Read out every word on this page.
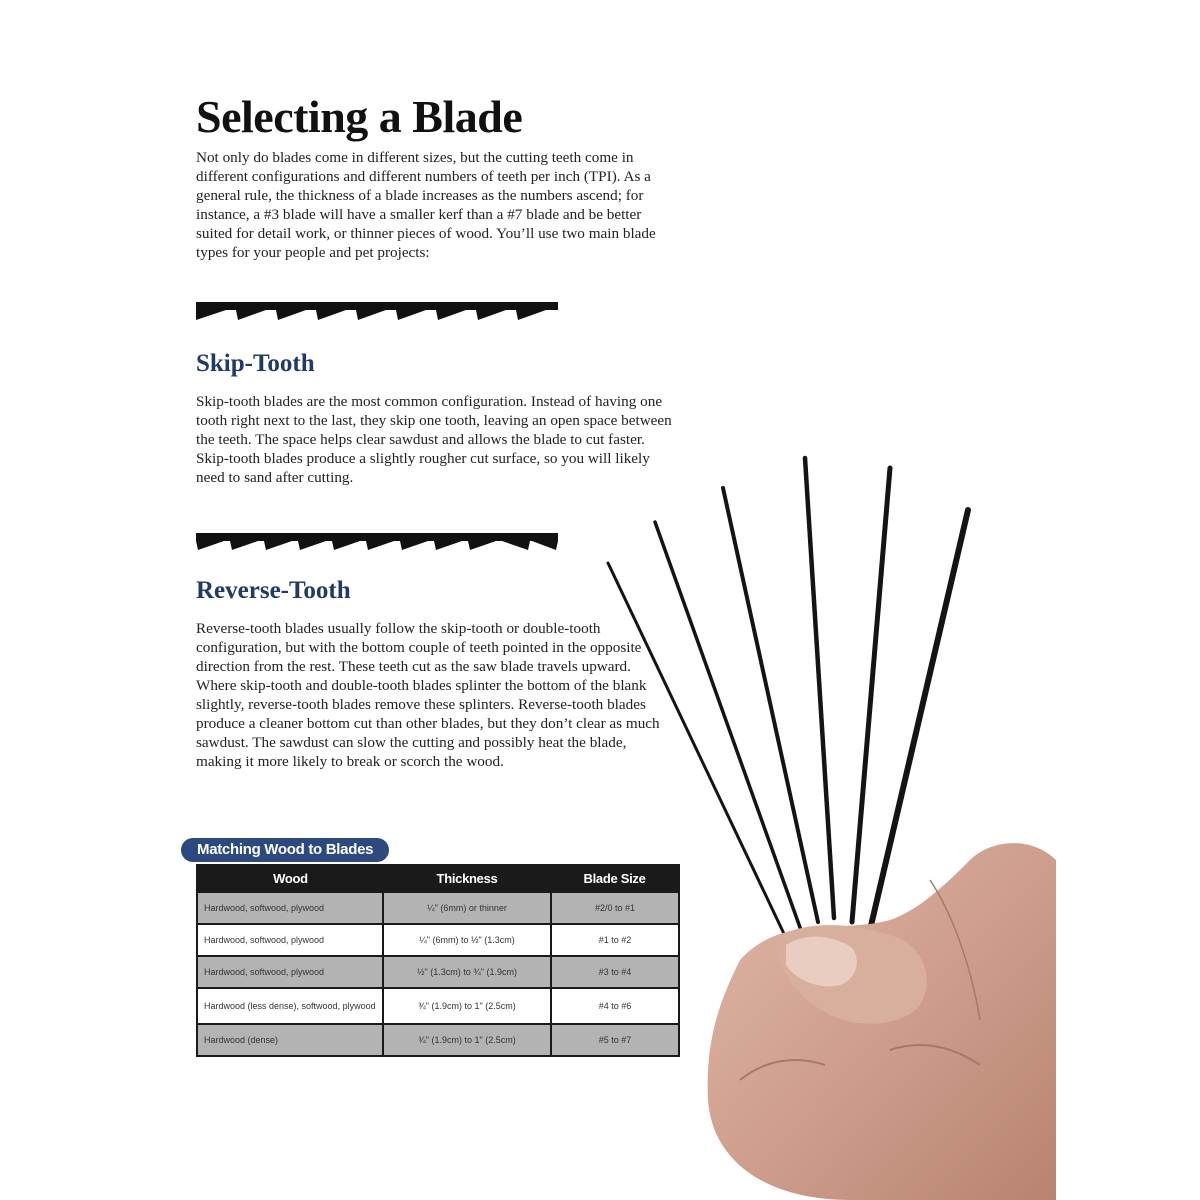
Selecting a Blade

Not only do blades come in different sizes, but the cutting teeth come in different configurations and different numbers of teeth per inch (TPI). As a general rule, the thickness of a blade increases as the numbers ascend; for instance, a #3 blade will have a smaller kerf than a #7 blade and be better suited for detail work, or thinner pieces of wood. You’ll use two main blade types for your people and pet projects:

Skip-Tooth

Skip-tooth blades are the most common configuration. Instead of having one tooth right next to the last, they skip one tooth, leaving an open space between the teeth. The space helps clear sawdust and allows the blade to cut faster. Skip-tooth blades produce a slightly rougher cut surface, so you will likely need to sand after cutting.

Reverse-Tooth

Reverse-tooth blades usually follow the skip-tooth or double-tooth configuration, but with the bottom couple of teeth pointed in the opposite direction from the rest. These teeth cut as the saw blade travels upward. Where skip-tooth and double-tooth blades splinter the bottom of the blank slightly, reverse-tooth blades remove these splinters. Reverse-tooth blades produce a cleaner bottom cut than other blades, but they don’t clear as much sawdust. The sawdust can slow the cutting and possibly heat the blade, making it more likely to break or scorch the wood.

Matching Wood to Blades
Wood	Thickness	Blade Size
Hardwood, softwood, plywood	¼" (6mm) or thinner	#2/0 to #1
Hardwood, softwood, plywood	¼" (6mm) to ½" (1.3cm)	#1 to #2
Hardwood, softwood, plywood	½" (1.3cm) to ¾" (1.9cm)	#3 to #4
Hardwood (less dense), softwood, plywood	¾" (1.9cm) to 1" (2.5cm)	#4 to #6
Hardwood (dense)	¾" (1.9cm) to 1" (2.5cm)	#5 to #7
